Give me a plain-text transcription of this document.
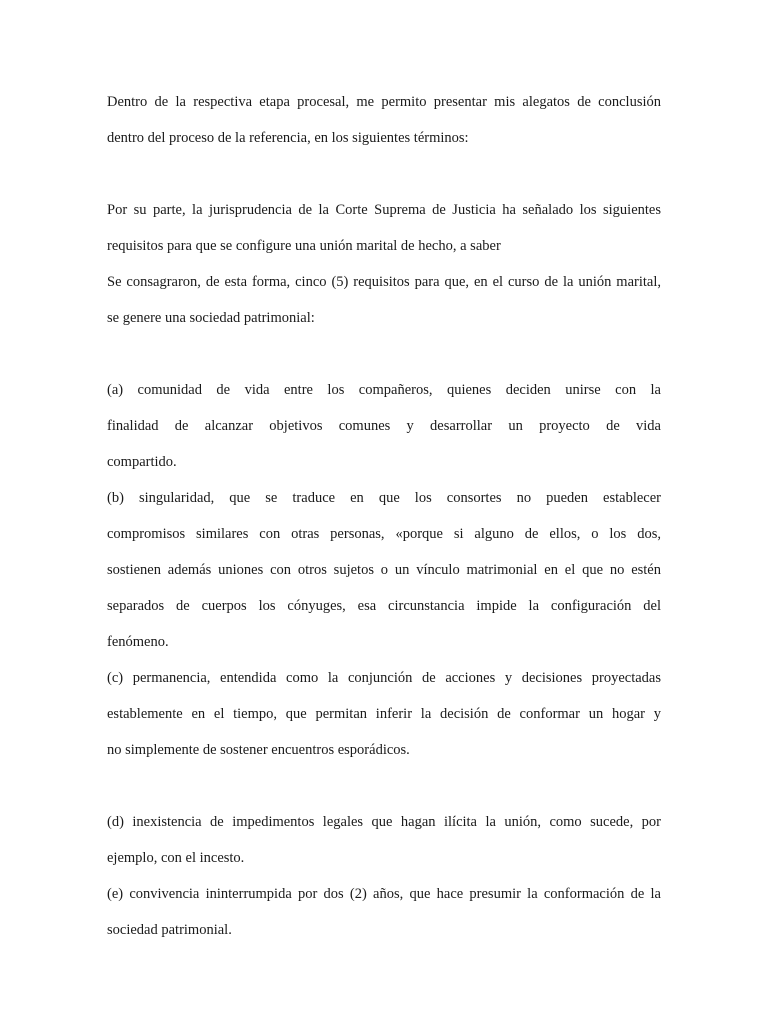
Dentro de la respectiva etapa procesal, me permito presentar mis alegatos de conclusión
dentro del proceso de la referencia, en los siguientes términos:
Por su parte, la jurisprudencia de la Corte Suprema de Justicia ha señalado los siguientes
requisitos para que se configure una unión marital de hecho, a saber
Se consagraron, de esta forma, cinco (5) requisitos para que, en el curso de la unión marital,
se genere una sociedad patrimonial:
(a) comunidad de vida entre los compañeros, quienes deciden unirse con la
finalidad de alcanzar objetivos comunes y desarrollar un proyecto de vida
compartido.
(b) singularidad, que se traduce en que los consortes no pueden establecer
compromisos similares con otras personas, «porque si alguno de ellos, o los dos,
sostienen además uniones con otros sujetos o un vínculo matrimonial en el que no estén
separados de cuerpos los cónyuges, esa circunstancia impide la configuración del
fenómeno.
(c) permanencia, entendida como la conjunción de acciones y decisiones proyectadas
establemente en el tiempo, que permitan inferir la decisión de conformar un hogar y
no simplemente de sostener encuentros esporádicos.
(d) inexistencia de impedimentos legales que hagan ilícita la unión, como sucede, por
ejemplo, con el incesto.
(e) convivencia ininterrumpida por dos (2) años, que hace presumir la conformación de la
sociedad patrimonial.
